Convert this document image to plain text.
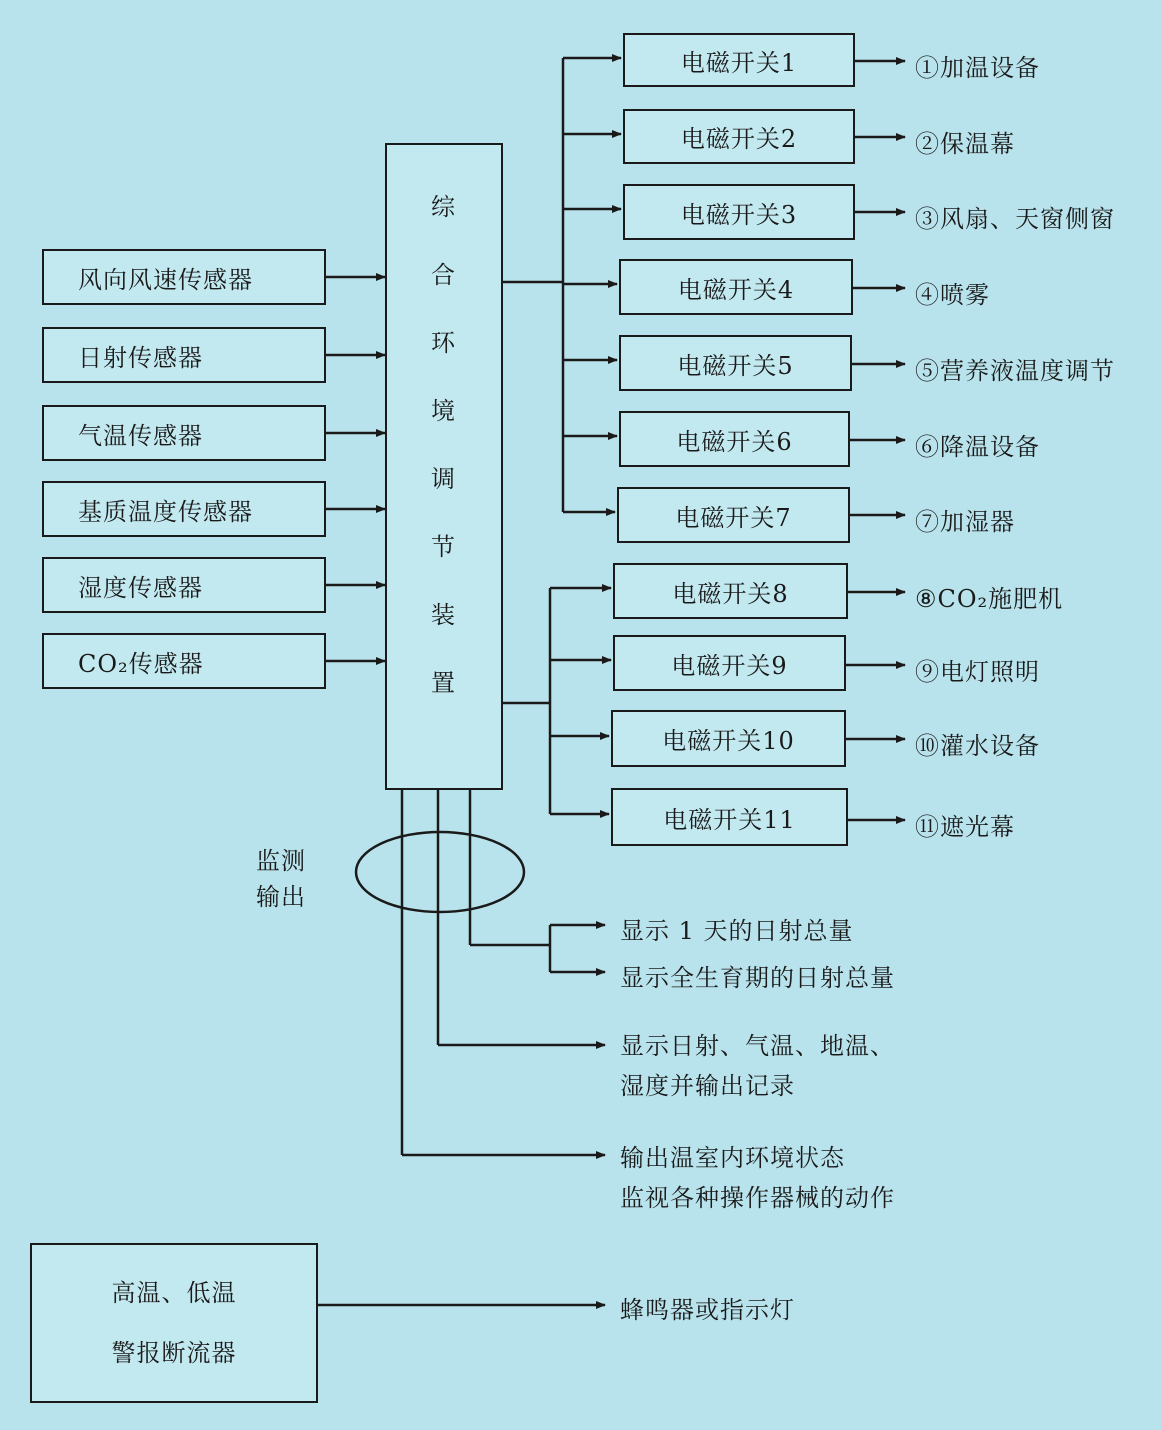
风向风速传感器
日射传感器
气温传感器
基质温度传感器
湿度传感器
CO₂传感器
综
合
环
境
调
节
装
置
电磁开关1
电磁开关2
电磁开关3
电磁开关4
电磁开关5
电磁开关6
电磁开关7
电磁开关8
电磁开关9
电磁开关10
电磁开关11
①加温设备
②保温幕
③风扇、天窗侧窗
④喷雾
⑤营养液温度调节
⑥降温设备
⑦加湿器
⑧CO₂施肥机
⑨电灯照明
⑩灌水设备
⑪遮光幕
监测
输出
显示 1 天的日射总量
显示全生育期的日射总量
显示日射、气温、地温、
湿度并输出记录
输出温室内环境状态
监视各种操作器械的动作
高温、低温
警报断流器
蜂鸣器或指示灯
